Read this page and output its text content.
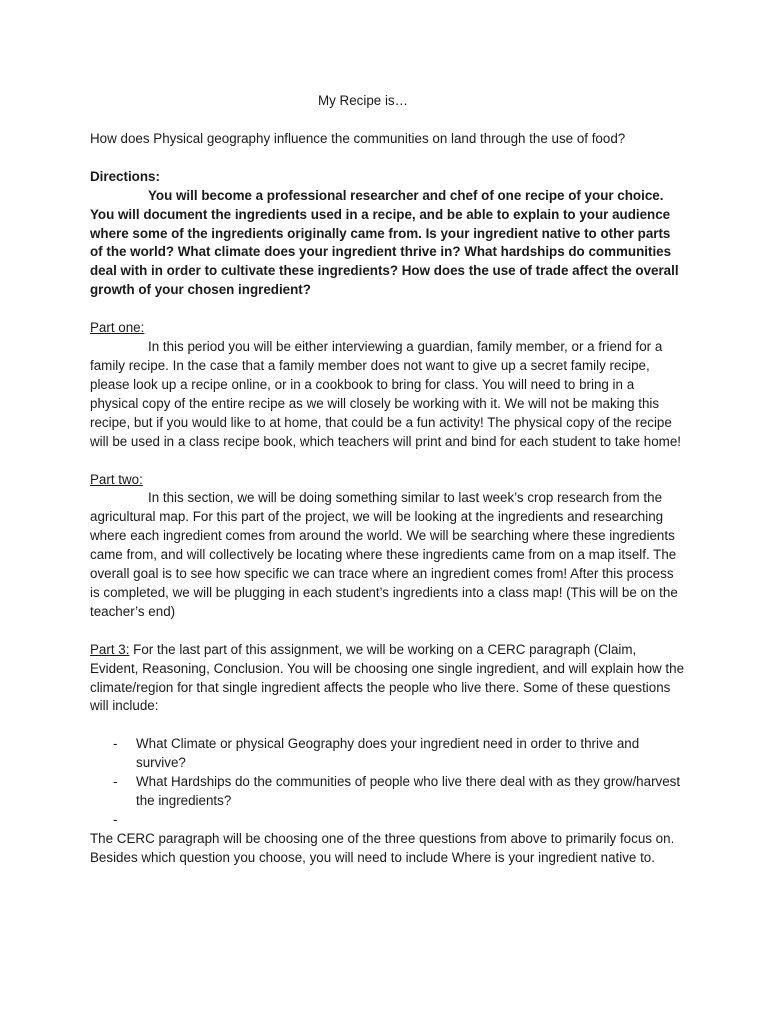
My Recipe is…

How does Physical geography influence the communities on land through the use of food?

Directions:

You will become a professional researcher and chef of one recipe of your choice. You will document the ingredients used in a recipe, and be able to explain to your audience where some of the ingredients originally came from. Is your ingredient native to other parts of the world? What climate does your ingredient thrive in? What hardships do communities deal with in order to cultivate these ingredients? How does the use of trade affect the overall growth of your chosen ingredient?

Part one:

In this period you will be either interviewing a guardian, family member, or a friend for a family recipe. In the case that a family member does not want to give up a secret family recipe, please look up a recipe online, or in a cookbook to bring for class. You will need to bring in a physical copy of the entire recipe as we will closely be working with it. We will not be making this recipe, but if you would like to at home, that could be a fun activity! The physical copy of the recipe will be used in a class recipe book, which teachers will print and bind for each student to take home!

Part two:

In this section, we will be doing something similar to last week’s crop research from the agricultural map. For this part of the project, we will be looking at the ingredients and researching where each ingredient comes from around the world. We will be searching where these ingredients came from, and will collectively be locating where these ingredients came from on a map itself. The overall goal is to see how specific we can trace where an ingredient comes from! After this process is completed, we will be plugging in each student’s ingredients into a class map! (This will be on the teacher’s end)

Part 3: For the last part of this assignment, we will be working on a CERC paragraph (Claim, Evident, Reasoning, Conclusion. You will be choosing one single ingredient, and will explain how the climate/region for that single ingredient affects the people who live there. Some of these questions will include:

- What Climate or physical Geography does your ingredient need in order to thrive and survive?
- What Hardships do the communities of people who live there deal with as they grow/harvest the ingredients?
-

The CERC paragraph will be choosing one of the three questions from above to primarily focus on. Besides which question you choose, you will need to include Where is your ingredient native to.
